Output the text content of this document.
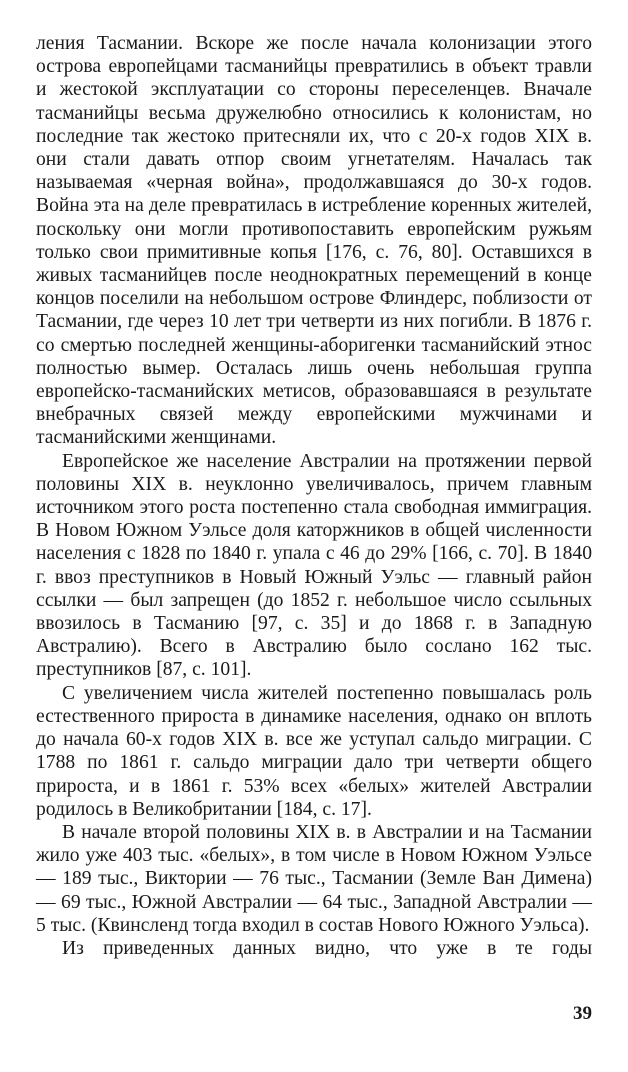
ления Тасмании. Вскоре же после начала колонизации этого острова европейцами тасманийцы превратились в объект травли и жестокой эксплуатации со стороны переселенцев. Вначале тасманийцы весьма дружелюбно относились к колонистам, но последние так жестоко притесняли их, что с 20-х годов XIX в. они стали давать отпор своим угнетателям. Началась так называемая «черная война», продолжавшаяся до 30-х годов. Война эта на деле превратилась в истребление коренных жителей, поскольку они могли противопоставить европейским ружьям только свои примитивные копья [176, с. 76, 80]. Оставшихся в живых тасманийцев после неоднократных перемещений в конце концов поселили на небольшом острове Флиндерс, поблизости от Тасмании, где через 10 лет три четверти из них погибли. В 1876 г. со смертью последней женщины-аборигенки тасманийский этнос полностью вымер. Осталась лишь очень небольшая группа европейско-тасманийских метисов, образовавшаяся в результате внебрачных связей между европейскими мужчинами и тасманийскими женщинами.

Европейское же население Австралии на протяжении первой половины XIX в. неуклонно увеличивалось, причем главным источником этого роста постепенно стала свободная иммиграция. В Новом Южном Уэльсе доля каторжников в общей численности населения с 1828 по 1840 г. упала с 46 до 29% [166, с. 70]. В 1840 г. ввоз преступников в Новый Южный Уэльс — главный район ссылки — был запрещен (до 1852 г. небольшое число ссыльных ввозилось в Тасманию [97, с. 35] и до 1868 г. в Западную Австралию). Всего в Австралию было сослано 162 тыс. преступников [87, с. 101].

С увеличением числа жителей постепенно повышалась роль естественного прироста в динамике населения, однако он вплоть до начала 60-х годов XIX в. все же уступал сальдо миграции. С 1788 по 1861 г. сальдо миграции дало три четверти общего прироста, и в 1861 г. 53% всех «белых» жителей Австралии родилось в Великобритании [184, с. 17].

В начале второй половины XIX в. в Австралии и на Тасмании жило уже 403 тыс. «белых», в том числе в Новом Южном Уэльсе — 189 тыс., Виктории — 76 тыс., Тасмании (Земле Ван Димена) — 69 тыс., Южной Австралии — 64 тыс., Западной Австралии — 5 тыс. (Квинсленд тогда входил в состав Нового Южного Уэльса).

Из приведенных данных видно, что уже в те годы

39
